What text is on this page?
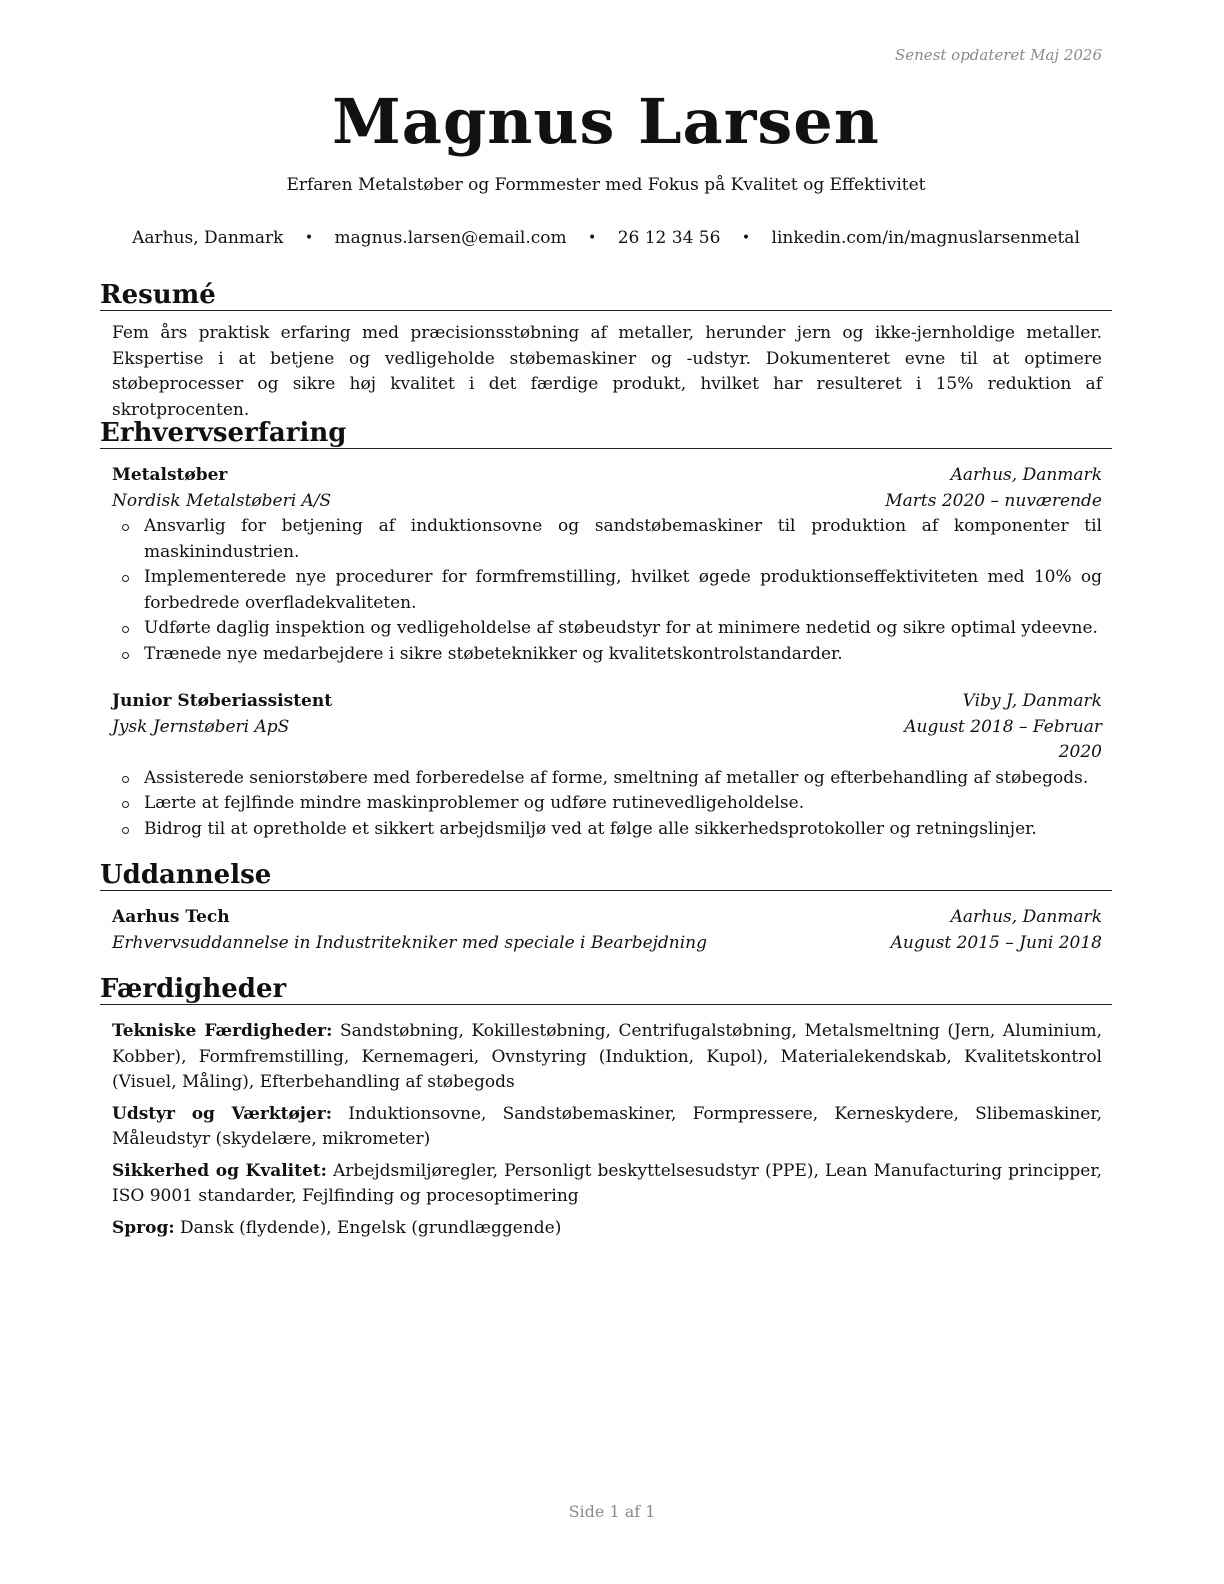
Senest opdateret Maj 2026
Magnus Larsen
Erfaren Metalstøber og Formmester med Fokus på Kvalitet og Effektivitet
Aarhus, Danmark • magnus.larsen@email.com • 26 12 34 56 • linkedin.com/in/magnuslarsenmetal
Resumé

Fem års praktisk erfaring med præcisionsstøbning af metaller, herunder jern og ikke-jernholdige metaller. Ekspertise i at betjene og vedligeholde støbemaskiner og -udstyr. Dokumenteret evne til at optimere støbeprocesser og sikre høj kvalitet i det færdige produkt, hvilket har resulteret i 15% reduktion af skrotprocenten.

Erhvervserfaring
Metalstøber	Aarhus, Danmark
Nordisk Metalstøberi A/S	Marts 2020 – nuværende
Ansvarlig for betjening af induktionsovne og sandstøbemaskiner til produktion af komponenter til maskinindustrien.
Implementerede nye procedurer for formfremstilling, hvilket øgede produktionseffektiviteten med 10% og forbedrede overfladekvaliteten.
Udførte daglig inspektion og vedligeholdelse af støbeudstyr for at minimere nedetid og sikre optimal ydeevne.
Trænede nye medarbejdere i sikre støbeteknikker og kvalitetskontrolstandarder.
Junior Støberiassistent	Viby J, Danmark
Jysk Jernstøberi ApS	August 2018 – Februar 2020
Assisterede seniorstøbere med forberedelse af forme, smeltning af metaller og efterbehandling af støbegods.
Lærte at fejlfinde mindre maskinproblemer og udføre rutinevedligeholdelse.
Bidrog til at opretholde et sikkert arbejdsmiljø ved at følge alle sikkerhedsprotokoller og retningslinjer.
Uddannelse
Aarhus Tech	Aarhus, Danmark
Erhvervsuddannelse in Industritekniker med speciale i Bearbejdning	August 2015 – Juni 2018
Færdigheder
Tekniske Færdigheder: Sandstøbning, Kokillestøbning, Centrifugalstøbning, Metalsmeltning (Jern, Aluminium, Kobber), Formfremstilling, Kernemageri, Ovnstyring (Induktion, Kupol), Materialekendskab, Kvalitetskontrol (Visuel, Måling), Efterbehandling af støbegods
Udstyr og Værktøjer: Induktionsovne, Sandstøbemaskiner, Formpressere, Kerneskydere, Slibemaskiner, Måleudstyr (skydelære, mikrometer)
Sikkerhed og Kvalitet: Arbejdsmiljøregler, Personligt beskyttelsesudstyr (PPE), Lean Manufacturing principper, ISO 9001 standarder, Fejlfinding og procesoptimering
Sprog: Dansk (flydende), Engelsk (grundlæggende)
Side 1 af 1
